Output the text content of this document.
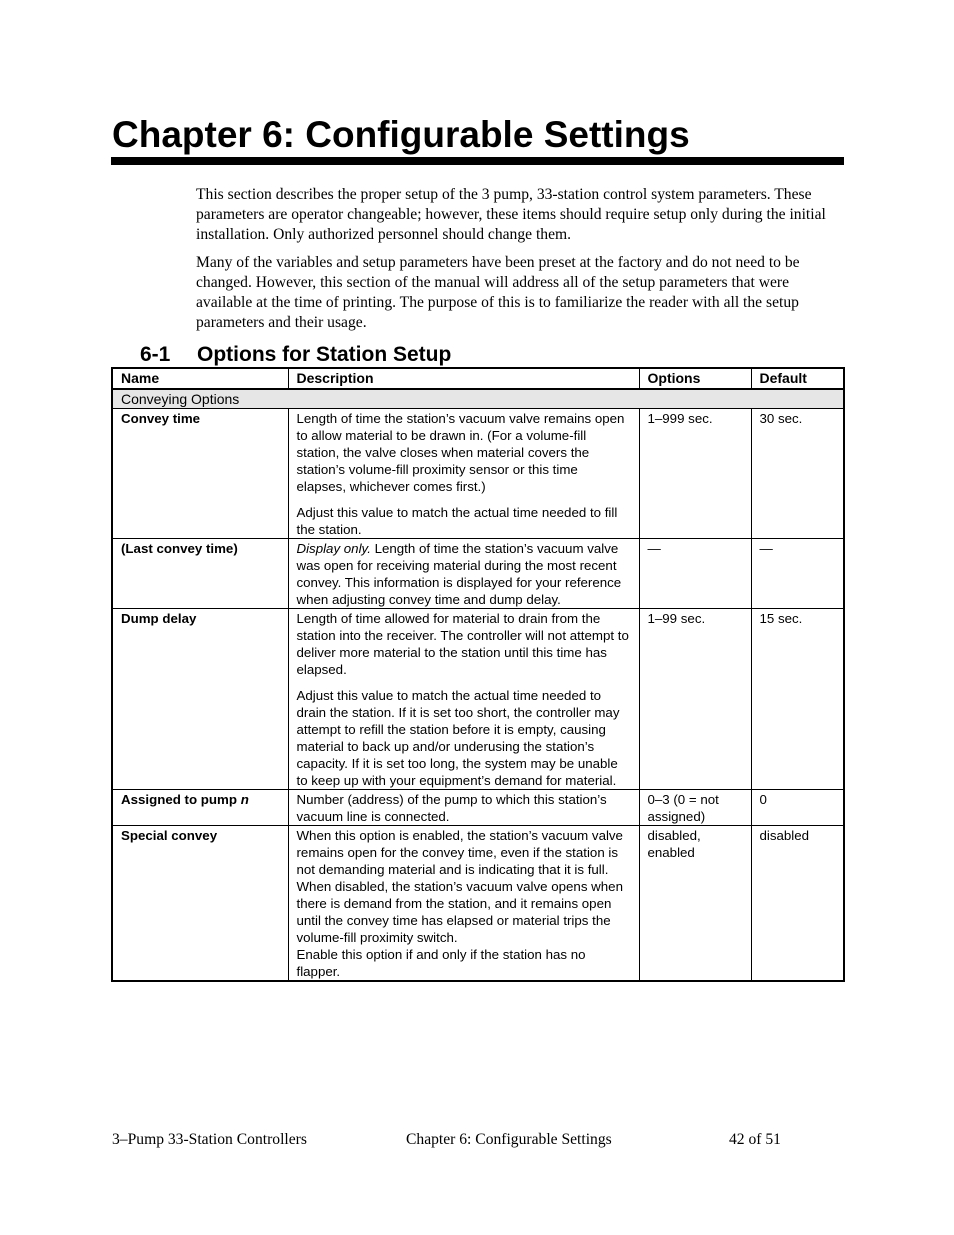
Chapter 6: Configurable Settings

This section describes the proper setup of the 3 pump, 33-station control system parameters. These parameters are operator changeable; however, these items should require setup only during the initial installation. Only authorized personnel should change them.

Many of the variables and setup parameters have been preset at the factory and do not need to be changed. However, this section of the manual will address all of the setup parameters that were available at the time of printing. The purpose of this is to familiarize the reader with all the setup parameters and their usage.

6-1 Options for Station Setup
Name	Description	Options	Default
Conveying Options			
Convey time	Length of time the station’s vacuum valve remains open to allow material to be drawn in. (For a volume-fill station, the valve closes when material covers the station’s volume-fill proximity sensor or this time elapses, whichever comes first.)

Adjust this value to match the actual time needed to fill the station.	1–999 sec.	30 sec.
(Last convey time)	Display only. Length of time the station’s vacuum valve was open for receiving material during the most recent convey. This information is displayed for your reference when adjusting convey time and dump delay.	—	—
Dump delay	Length of time allowed for material to drain from the station into the receiver. The controller will not attempt to deliver more material to the station until this time has elapsed.

Adjust this value to match the actual time needed to drain the station. If it is set too short, the controller may attempt to refill the station before it is empty, causing material to back up and/or underusing the station’s capacity. If it is set too long, the system may be unable to keep up with your equipment’s demand for material.	1–99 sec.	15 sec.
Assigned to pump n	Number (address) of the pump to which this station’s vacuum line is connected.	0–3 (0 = not assigned)	0
Special convey	When this option is enabled, the station’s vacuum valve remains open for the convey time, even if the station is not demanding material and is indicating that it is full. When disabled, the station’s vacuum valve opens when there is demand from the station, and it remains open until the convey time has elapsed or material trips the volume-fill proximity switch.

Enable this option if and only if the station has no flapper.	disabled, enabled	disabled
3–Pump 33-Station Controllers	Chapter 6: Configurable Settings	42 of 51
